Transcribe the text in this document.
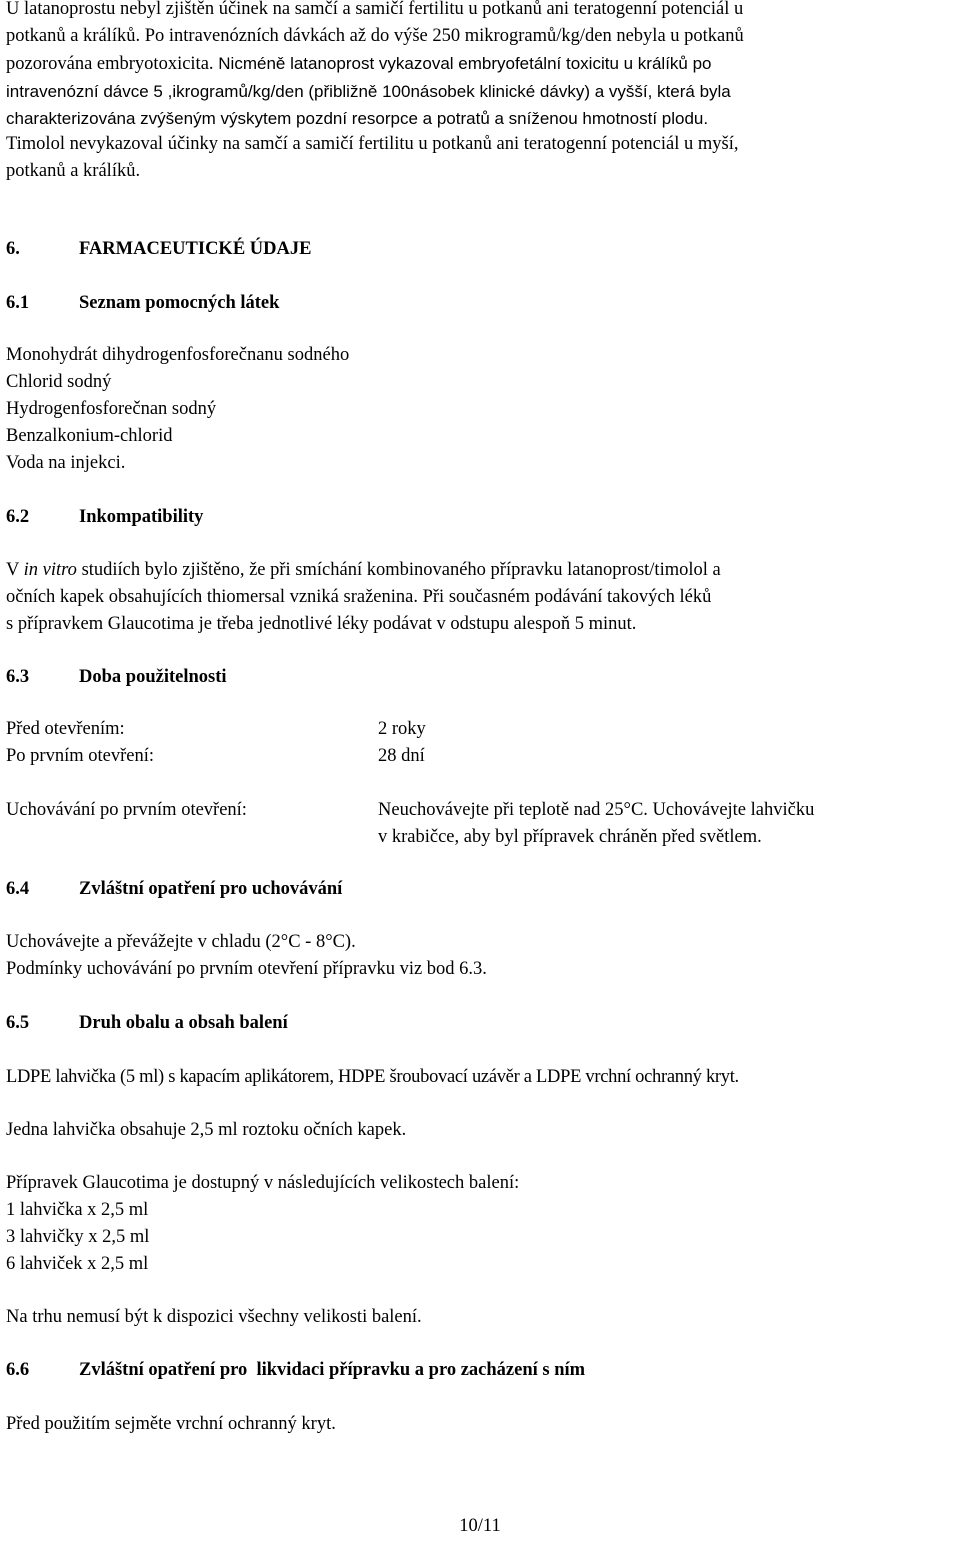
U latanoprostu nebyl zjištěn účinek na samčí a samičí fertilitu u potkanů ani teratogenní potenciál u

potkanů a králíků. Po intravenózních dávkách až do výše 250 mikrogramů/kg/den nebyla u potkanů

pozorována embryotoxicita. Nicméně latanoprost vykazoval embryofetální toxicitu u králíků po

intravenózní dávce 5 ,ikrogramů/kg/den (přibližně 100násobek klinické dávky) a vyšší, která byla

charakterizována zvýšeným výskytem pozdní resorpce a potratů a sníženou hmotností plodu.

Timolol nevykazoval účinky na samčí a samičí fertilitu u potkanů ani teratogenní potenciál u myší,

potkanů a králíků.

6.	FARMACEUTICKÉ ÚDAJE
6.1	Seznam pomocných látek

Monohydrát dihydrogenfosforečnanu sodného

Chlorid sodný

Hydrogenfosforečnan sodný

Benzalkonium-chlorid

Voda na injekci.

6.2	Inkompatibility

V in vitro studiích bylo zjištěno, že při smíchání kombinovaného přípravku latanoprost/timolol a

očních kapek obsahujících thiomersal vzniká sraženina. Při současném podávání takových léků

s přípravkem Glaucotima je třeba jednotlivé léky podávat v odstupu alespoň 5 minut.

6.3	Doba použitelnosti
Před otevřením:	2 roky
Po prvním otevření:	28 dní
Uchovávání po prvním otevření:	Neuchovávejte při teplotě nad 25°C. Uchovávejte lahvičku

v krabičce, aby byl přípravek chráněn před světlem.

6.4	Zvláštní opatření pro uchovávání

Uchovávejte a převážejte v chladu (2°C - 8°C).

Podmínky uchovávání po prvním otevření přípravku viz bod 6.3.

6.5	Druh obalu a obsah balení

LDPE lahvička (5 ml) s kapacím aplikátorem, HDPE šroubovací uzávěr a LDPE vrchní ochranný kryt.

Jedna lahvička obsahuje 2,5 ml roztoku očních kapek.

Přípravek Glaucotima je dostupný v následujících velikostech balení:

1 lahvička x 2,5 ml

3 lahvičky x 2,5 ml

6 lahviček x 2,5 ml

Na trhu nemusí být k dispozici všechny velikosti balení.

6.6	Zvláštní opatření pro  likvidaci přípravku a pro zacházení s ním

Před použitím sejměte vrchní ochranný kryt.

10/11
